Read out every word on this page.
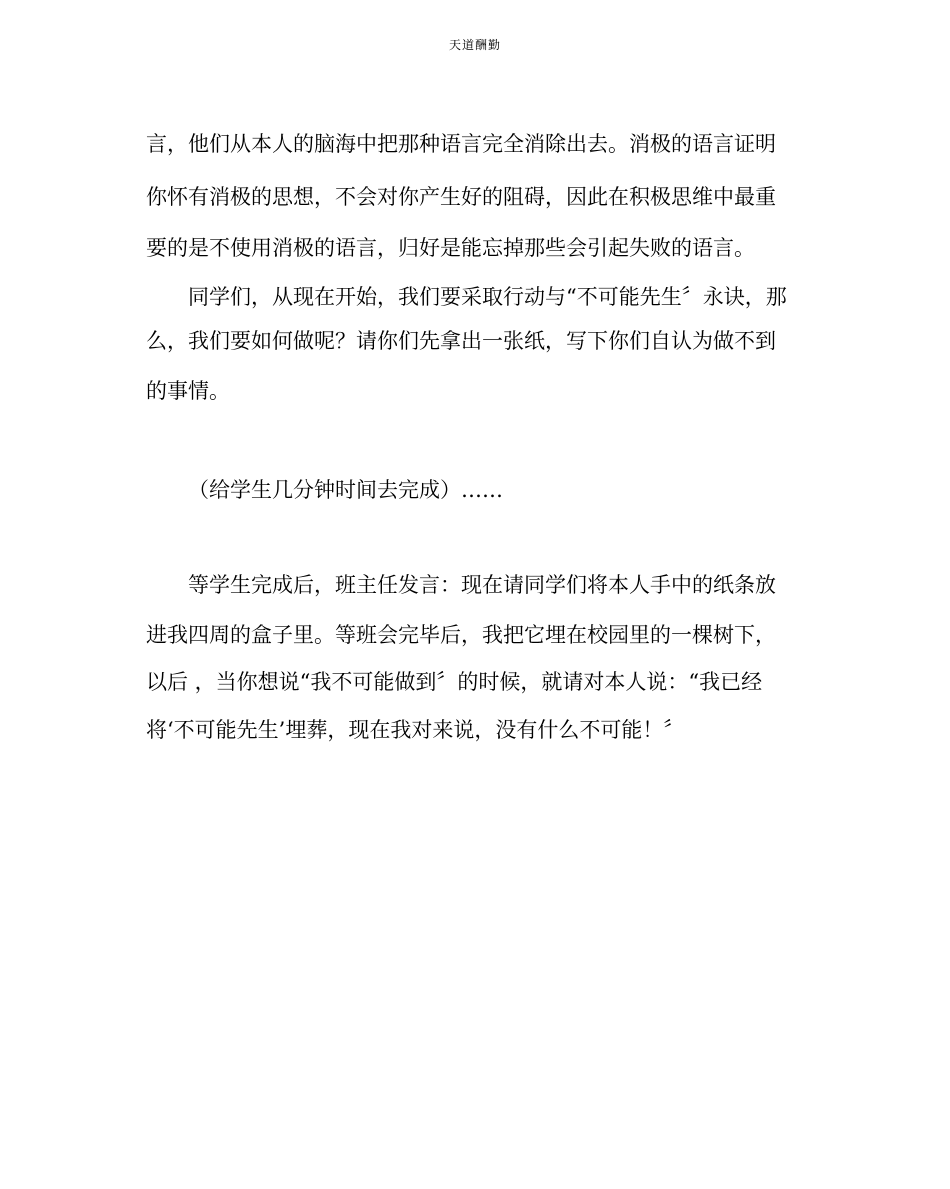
天道酬勤
言，他们从本人的脑海中把那种语言完全消除出去。消极的语言证明
你怀有消极的思想，不会对你产生好的阻碍，因此在积极思维中最重
要的是不使用消极的语言，归好是能忘掉那些会引起失败的语言。
同学们，从现在开始，我们要采取行动与“不可能先生〞永诀，那
么，我们要如何做呢？请你们先拿出一张纸，写下你们自认为做不到
的事情。
（给学生几分钟时间去完成）……
等学生完成后，班主任发言：现在请同学们将本人手中的纸条放
进我四周的盒子里。等班会完毕后，我把它埋在校园里的一棵树下，
以后 ，当你想说“我不可能做到〞的时候，就请对本人说：“我已经
将‘不可能先生’埋葬，现在我对来说，没有什么不可能！〞
